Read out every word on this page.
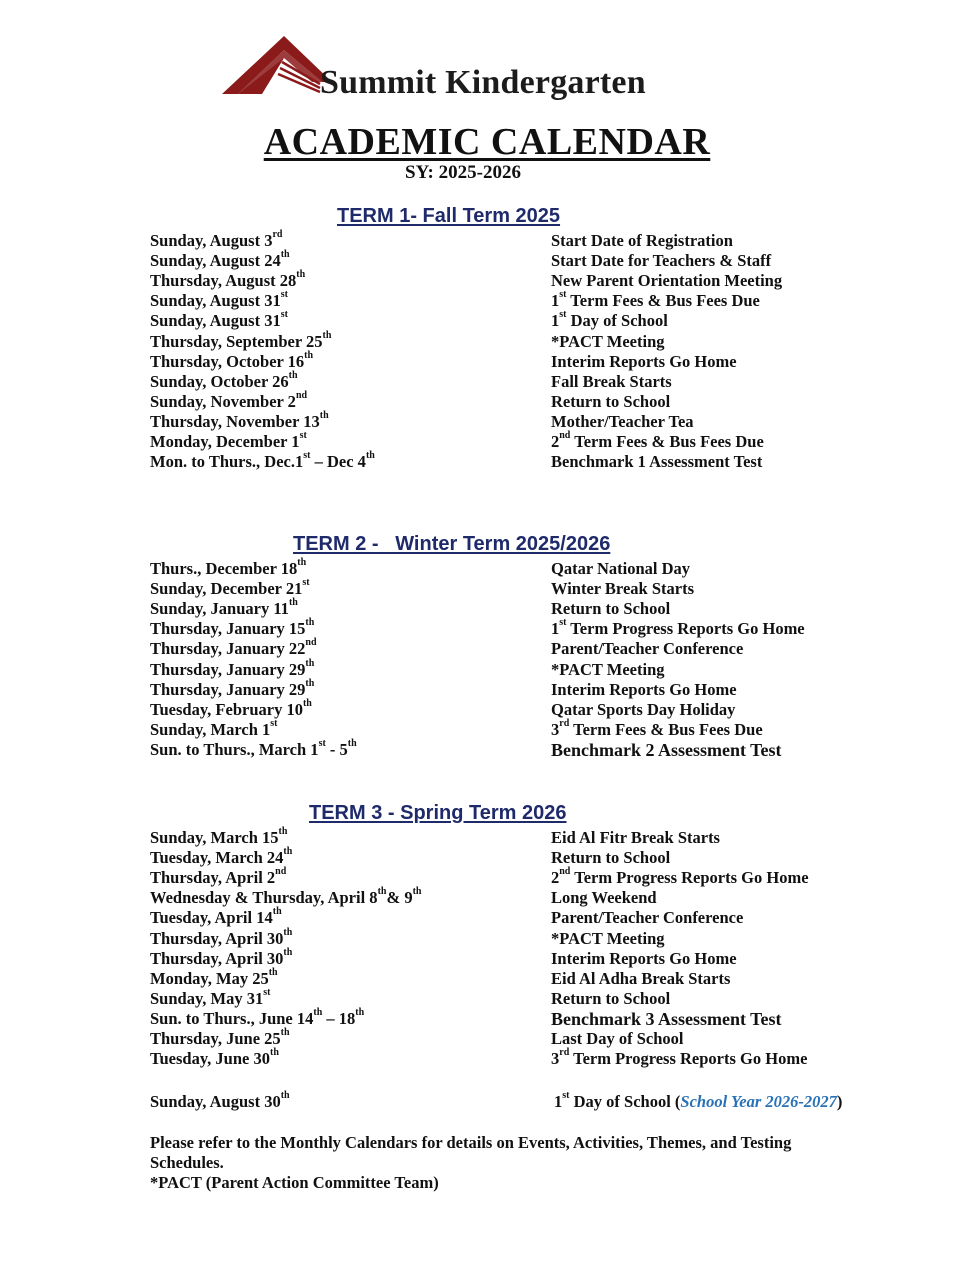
Summit Kindergarten
ACADEMIC CALENDAR
SY: 2025-2026
TERM 1- Fall Term 2025
Sunday, August 3rd	Start Date of Registration
Sunday, August 24th	Start Date for Teachers & Staff
Thursday, August 28th	New Parent Orientation Meeting
Sunday, August 31st	1st Term Fees & Bus Fees Due
Sunday, August 31st	1st Day of School
Thursday, September 25th	*PACT Meeting
Thursday, October 16th	Interim Reports Go Home
Sunday, October 26th	Fall Break Starts
Sunday, November 2nd	Return to School
Thursday, November 13th	Mother/Teacher Tea
Monday, December 1st	2nd Term Fees & Bus Fees Due
Mon. to Thurs., Dec.1st – Dec 4th	Benchmark 1 Assessment Test
TERM 2 -   Winter Term 2025/2026
Thurs., December 18th	Qatar National Day
Sunday, December 21st	Winter Break Starts
Sunday, January 11th	Return to School
Thursday, January 15th	1st Term Progress Reports Go Home
Thursday, January 22nd	Parent/Teacher Conference
Thursday, January 29th	*PACT Meeting
Thursday, January 29th	Interim Reports Go Home
Tuesday, February 10th	Qatar Sports Day Holiday
Sunday, March 1st	3rd Term Fees & Bus Fees Due
Sun. to Thurs., March 1st - 5th	Benchmark 2 Assessment Test
TERM 3 - Spring Term 2026
Sunday, March 15th	Eid Al Fitr Break Starts
Tuesday, March 24th	Return to School
Thursday, April 2nd	2nd Term Progress Reports Go Home
Wednesday & Thursday, April 8th& 9th	Long Weekend
Tuesday, April 14th	Parent/Teacher Conference
Thursday, April 30th	*PACT Meeting
Thursday, April 30th	Interim Reports Go Home
Monday, May 25th	Eid Al Adha Break Starts
Sunday, May 31st	Return to School
Sun. to Thurs., June 14th – 18th	Benchmark 3 Assessment Test
Thursday, June 25th	Last Day of School
Tuesday, June 30th	3rd Term Progress Reports Go Home
Sunday, August 30th	1st Day of School (School Year 2026-2027)
Please refer to the Monthly Calendars for details on Events, Activities, Themes, and Testing Schedules.
*PACT (Parent Action Committee Team)
